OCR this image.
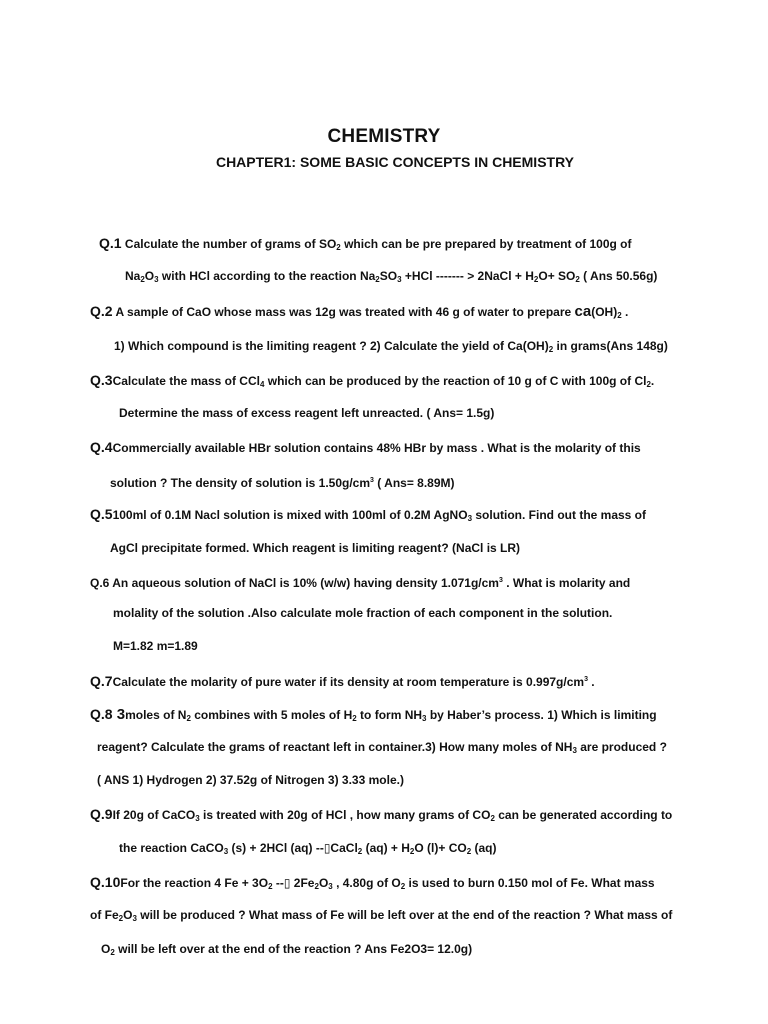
CHEMISTRY
CHAPTER1: SOME BASIC CONCEPTS IN CHEMISTRY
Q.1 Calculate the number of grams of $SO_2$ which can be pre prepared by treatment of 100g of
$Na_2O_3$ with HCl according to the reaction $Na_2SO_3 +HCl$ ------- > 2NaCl + $H_2O+ SO_2$ ( Ans 50.56g)
Q.2 A sample of CaO whose mass was 12g was treated with 46 g of water to prepare $ca(OH)_2$ .
1) Which compound is the limiting reagent ? 2) Calculate the yield of $Ca(OH)_2$ in grams(Ans 148g)
Q.3Calculate the mass of CCl$_4$ which can be produced by the reaction of 10 g of C with 100g of $Cl_2$.
Determine the mass of excess reagent left unreacted. ( Ans= 1.5g)
Q.4Commercially available HBr solution contains 48% HBr by mass . What is the molarity of this
solution ? The density of solution is $1.50g/cm^3$ ( Ans= 8.89M)
Q.5100ml of 0.1M Nacl solution is mixed with 100ml of 0.2M AgNO$_3$ solution. Find out the mass of
AgCl precipitate formed. Which reagent is limiting reagent? (NaCl is LR)
Q.6 An aqueous solution of NaCl is 10% (w/w) having density $1.071g/cm^3$ . What is molarity and
molality of the solution .Also calculate mole fraction of each component in the solution.
M=1.82 m=1.89
Q.7Calculate the molarity of pure water if its density at room temperature is $0.997g/cm^3$ .
Q.8 3moles of $N_2$ combines with 5 moles of $H_2$ to form $NH_3$ by Haber’s process. 1) Which is limiting
reagent? Calculate the grams of reactant left in container.3) How many moles of $NH_3$ are produced ?
( ANS 1) Hydrogen 2) 37.52g of Nitrogen 3) 3.33 mole.)
Q.9If 20g of CaCO$_3$ is treated with 20g of HCl , how many grams of $CO_2$ can be generated according to
the reaction CaCO$_3$ (s) + 2HCl (aq) --▯CaCl$_2$ $(aq) + H_2O$ $(l)+ CO_2$ (aq)
Q.10For the reaction 4 $Fe + 3O_2$ --▯ $2Fe_2O_3$ , 4.80g of $O_2$ is used to burn 0.150 mol of Fe. What mass
of $Fe_2O_3$ will be produced ? What mass of Fe will be left over at the end of the reaction ? What mass of
$O_2$ will be left over at the end of the reaction ? Ans Fe2O3= 12.0g)
